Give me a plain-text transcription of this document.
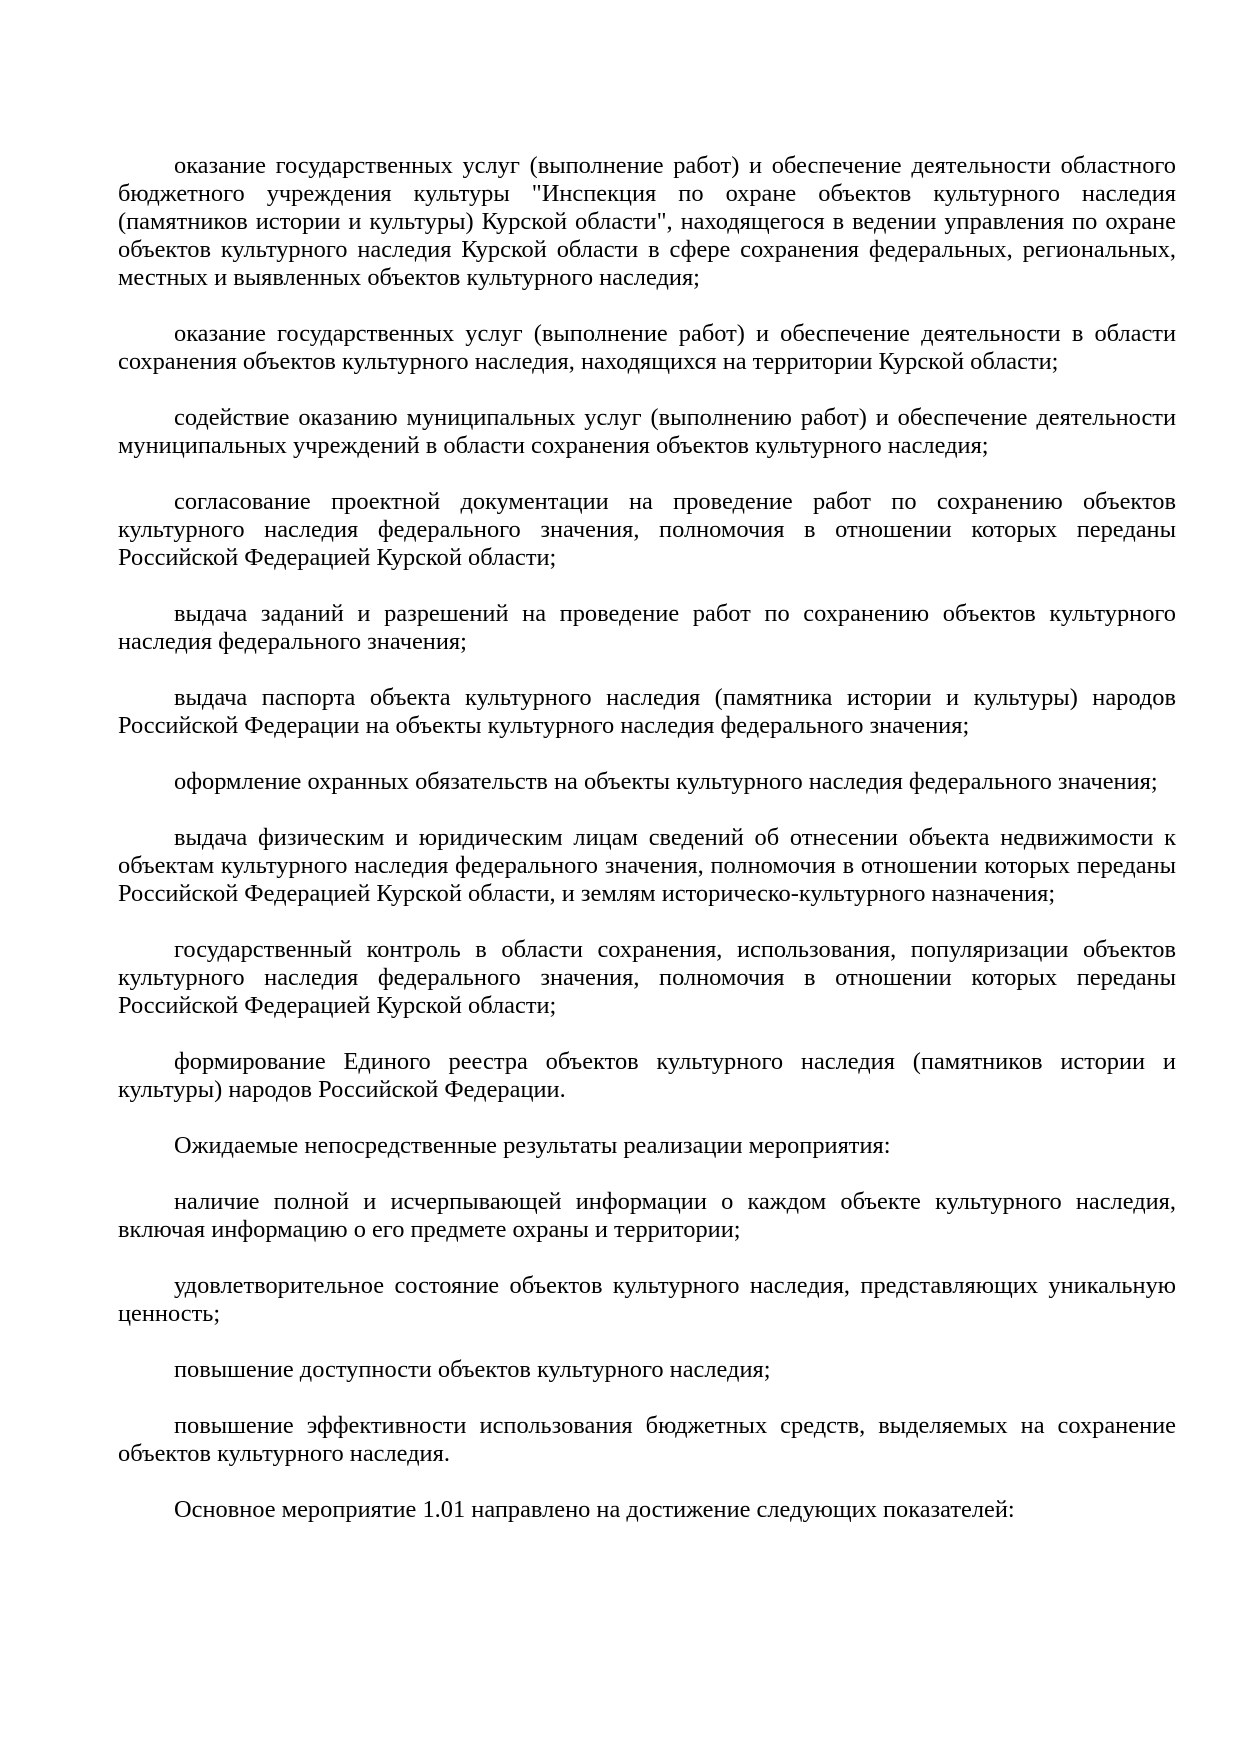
оказание государственных услуг (выполнение работ) и обеспечение деятельности областного бюджетного учреждения культуры "Инспекция по охране объектов культурного наследия (памятников истории и культуры) Курской области", находящегося в ведении управления по охране объектов культурного наследия Курской области в сфере сохранения федеральных, региональных, местных и выявленных объектов культурного наследия;

оказание государственных услуг (выполнение работ) и обеспечение деятельности в области сохранения объектов культурного наследия, находящихся на территории Курской области;

содействие оказанию муниципальных услуг (выполнению работ) и обеспечение деятельности муниципальных учреждений в области сохранения объектов культурного наследия;

согласование проектной документации на проведение работ по сохранению объектов культурного наследия федерального значения, полномочия в отношении которых переданы Российской Федерацией Курской области;

выдача заданий и разрешений на проведение работ по сохранению объектов культурного наследия федерального значения;

выдача паспорта объекта культурного наследия (памятника истории и культуры) народов Российской Федерации на объекты культурного наследия федерального значения;

оформление охранных обязательств на объекты культурного наследия федерального значения;

выдача физическим и юридическим лицам сведений об отнесении объекта недвижимости к объектам культурного наследия федерального значения, полномочия в отношении которых переданы Российской Федерацией Курской области, и землям историческо-культурного назначения;

государственный контроль в области сохранения, использования, популяризации объектов культурного наследия федерального значения, полномочия в отношении которых переданы Российской Федерацией Курской области;

формирование Единого реестра объектов культурного наследия (памятников истории и культуры) народов Российской Федерации.

Ожидаемые непосредственные результаты реализации мероприятия:

наличие полной и исчерпывающей информации о каждом объекте культурного наследия, включая информацию о его предмете охраны и территории;

удовлетворительное состояние объектов культурного наследия, представляющих уникальную ценность;

повышение доступности объектов культурного наследия;

повышение эффективности использования бюджетных средств, выделяемых на сохранение объектов культурного наследия.

Основное мероприятие 1.01 направлено на достижение следующих показателей:
